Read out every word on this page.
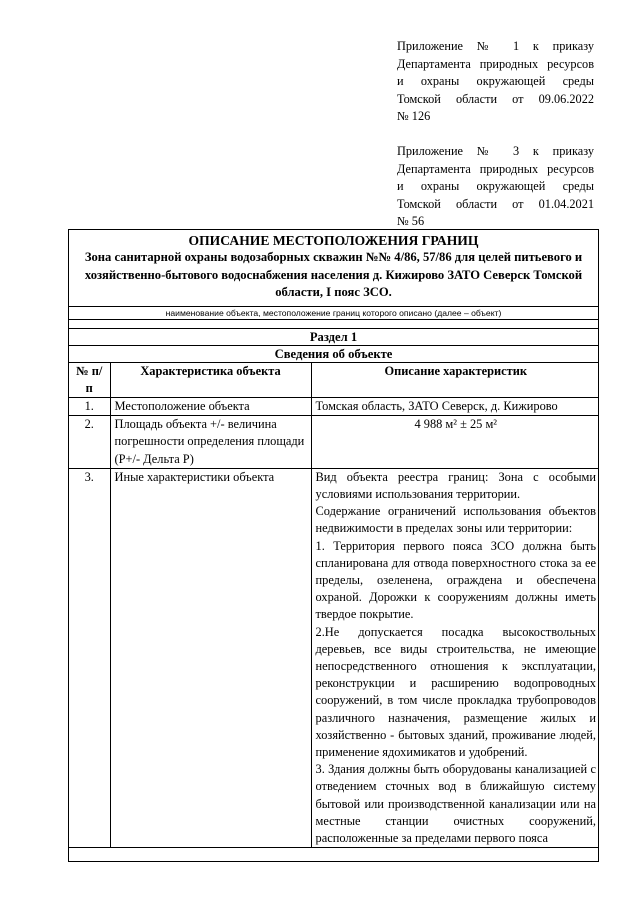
Приложение № 1 к приказу
Департамента природных ресурсов
и охраны окружающей среды
Томской области от 09.06.2022
№ 126
Приложение № 3 к приказу
Департамента природных ресурсов
и охраны окружающей среды
Томской области от 01.04.2021
№ 56
ОПИСАНИЕ МЕСТОПОЛОЖЕНИЯ ГРАНИЦ
Зона санитарной охраны водозаборных скважин №№ 4/86, 57/86 для целей питьевого и хозяйственно-бытового водоснабжения населения д. Кижирово ЗАТО Северск Томской области, I пояс ЗСО.
наименование объекта, местоположение границ которого описано (далее – объект)
Раздел 1
Сведения об объекте
№ п/п	Характеристика объекта	Описание характеристик
1.	Местоположение объекта	Томская область, ЗАТО Северск, д. Кижирово
2.	Площадь объекта +/- величина погрешности определения площади (Р+/- Дельта Р)	4 988 м² ± 25 м²
3.	Иные характеристики объекта	Вид объекта реестра границ: Зона с особыми условиями использования территории.
Содержание ограничений использования объектов недвижимости в пределах зоны или территории:
1. Территория первого пояса ЗСО должна быть спланирована для отвода поверхностного стока за ее пределы, озеленена, ограждена и обеспечена охраной. Дорожки к сооружениям должны иметь твердое покрытие.
2.Не допускается посадка высокоствольных деревьев, все виды строительства, не имеющие непосредственного отношения к эксплуатации, реконструкции и расширению водопроводных сооружений, в том числе прокладка трубопроводов различного назначения, размещение жилых и хозяйственно - бытовых зданий, проживание людей, применение ядохимикатов и удобрений.
3. Здания должны быть оборудованы канализацией с отведением сточных вод в ближайшую систему бытовой или производственной канализации или на местные станции очистных сооружений, расположенные за пределами первого пояса
